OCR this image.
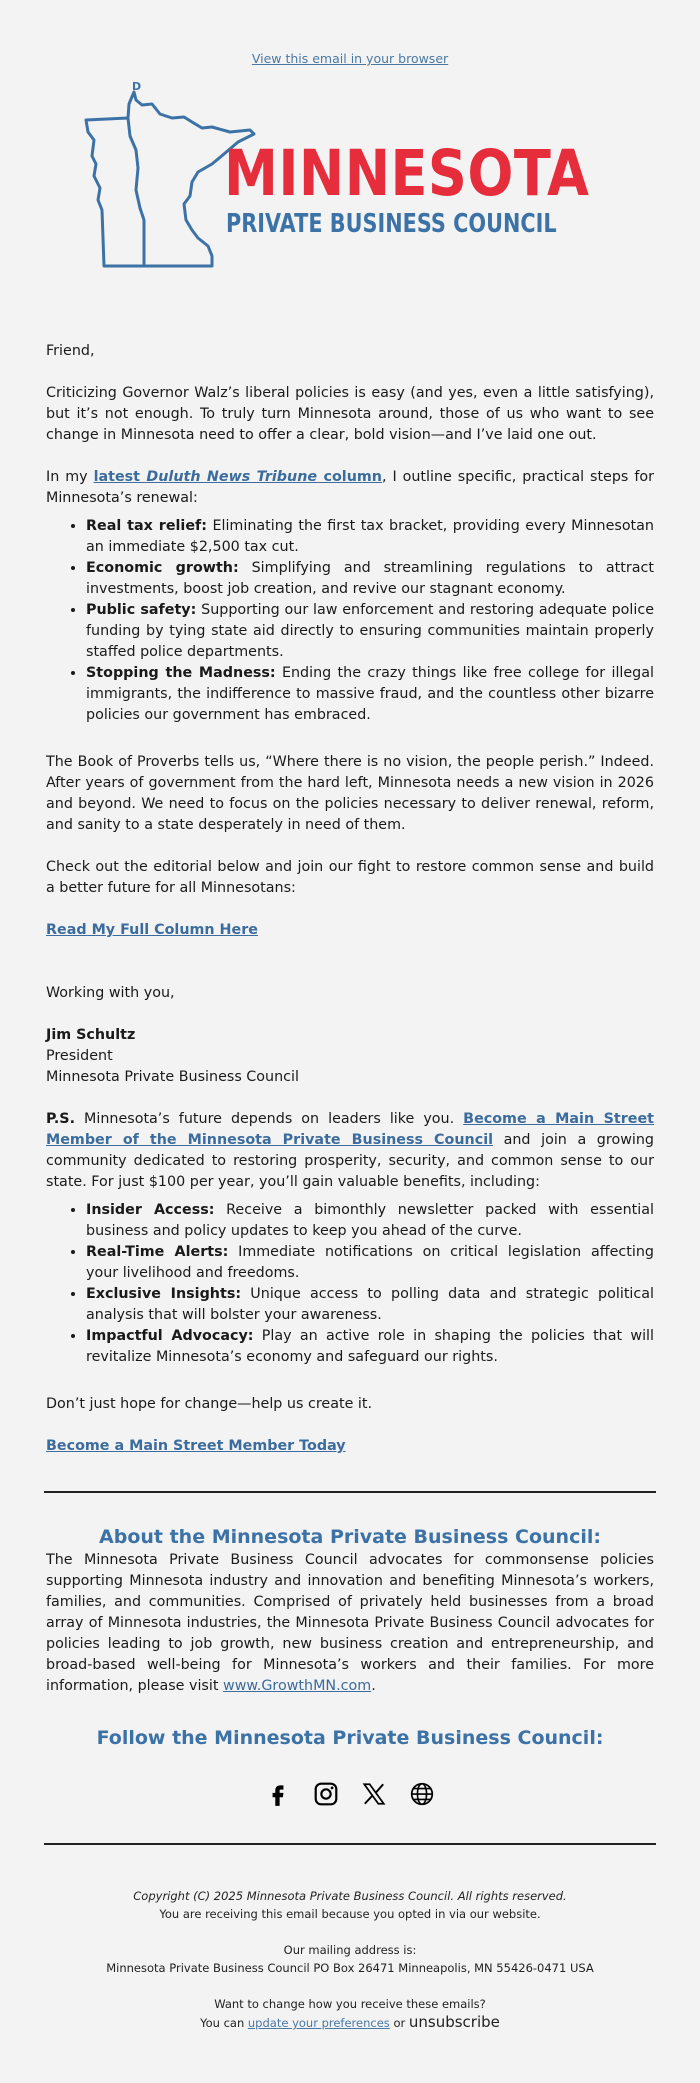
View this email in your browser
D
MINNESOTA
PRIVATE BUSINESS COUNCIL

Friend,

Criticizing Governor Walz’s liberal policies is easy (and yes, even a little satisfying), but it’s not enough. To truly turn Minnesota around, those of us who want to see change in Minnesota need to offer a clear, bold vision—and I’ve laid one out.

In my latest Duluth News Tribune column, I outline specific, practical steps for Minnesota’s renewal:

• Real tax relief: Eliminating the first tax bracket, providing every Minnesotan an immediate $2,500 tax cut.
• Economic growth: Simplifying and streamlining regulations to attract investments, boost job creation, and revive our stagnant economy.
• Public safety: Supporting our law enforcement and restoring adequate police funding by tying state aid directly to ensuring communities maintain properly staffed police departments.
• Stopping the Madness: Ending the crazy things like free college for illegal immigrants, the indifference to massive fraud, and the countless other bizarre policies our government has embraced.

The Book of Proverbs tells us, “Where there is no vision, the people perish.” Indeed. After years of government from the hard left, Minnesota needs a new vision in 2026 and beyond. We need to focus on the policies necessary to deliver renewal, reform, and sanity to a state desperately in need of them.

Check out the editorial below and join our fight to restore common sense and build a better future for all Minnesotans:

Read My Full Column Here

Working with you,

Jim Schultz

President

Minnesota Private Business Council

P.S. Minnesota’s future depends on leaders like you. Become a Main Street Member of the Minnesota Private Business Council and join a growing community dedicated to restoring prosperity, security, and common sense to our state. For just $100 per year, you’ll gain valuable benefits, including:

• Insider Access: Receive a bimonthly newsletter packed with essential business and policy updates to keep you ahead of the curve.
• Real-Time Alerts: Immediate notifications on critical legislation affecting your livelihood and freedoms.
• Exclusive Insights: Unique access to polling data and strategic political analysis that will bolster your awareness.
• Impactful Advocacy: Play an active role in shaping the policies that will revitalize Minnesota’s economy and safeguard our rights.

Don’t just hope for change—help us create it.

Become a Main Street Member Today

About the Minnesota Private Business Council:

The Minnesota Private Business Council advocates for commonsense policies supporting Minnesota industry and innovation and benefiting Minnesota’s workers, families, and communities. Comprised of privately held businesses from a broad array of Minnesota industries, the Minnesota Private Business Council advocates for policies leading to job growth, new business creation and entrepreneurship, and broad-based well-being for Minnesota’s workers and their families. For more information, please visit www.GrowthMN.com.

Follow the Minnesota Private Business Council:
Copyright (C) 2025 Minnesota Private Business Council. All rights reserved.
You are receiving this email because you opted in via our website.
Our mailing address is:
Minnesota Private Business Council PO Box 26471 Minneapolis, MN 55426-0471 USA
Want to change how you receive these emails?
You can update your preferences or unsubscribe
